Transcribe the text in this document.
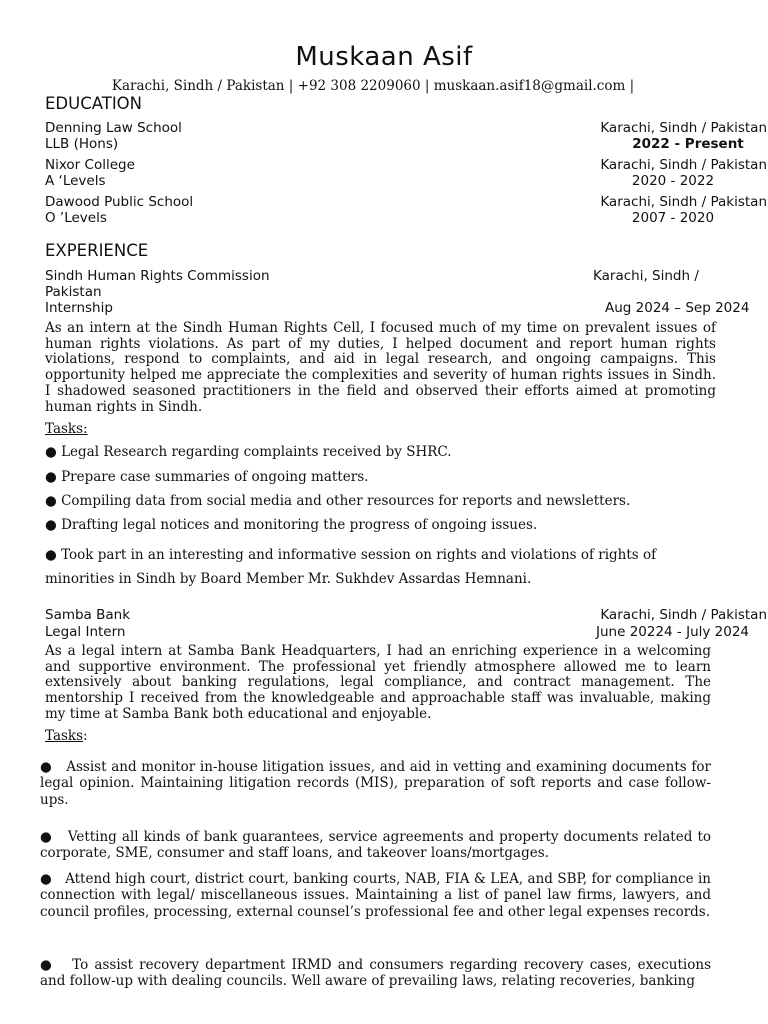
Muskaan Asif
Karachi, Sindh / Pakistan | +92 308 2209060 | muskaan.asif18@gmail.com |
EDUCATION
Denning Law School
LLB (Hons)
Karachi, Sindh / Pakistan
2022 - Present
Nixor College
A ‘Levels
Karachi, Sindh / Pakistan
2020 - 2022
Dawood Public School
O ’Levels
Karachi, Sindh / Pakistan
2007 - 2020
EXPERIENCE
Sindh Human Rights Commission
Pakistan
Internship
Karachi, Sindh /
Aug 2024 – Sep 2024
As an intern at the Sindh Human Rights Cell, I focused much of my time on prevalent issues of human rights violations. As part of my duties, I helped document and report human rights violations, respond to complaints, and aid in legal research, and ongoing campaigns. This opportunity helped me appreciate the complexities and severity of human rights issues in Sindh. I shadowed seasoned practitioners in the field and observed their efforts aimed at promoting human rights in Sindh.
Tasks:
● Legal Research regarding complaints received by SHRC.
● Prepare case summaries of ongoing matters.
● Compiling data from social media and other resources for reports and newsletters.
● Drafting legal notices and monitoring the progress of ongoing issues.
● Took part in an interesting and informative session on rights and violations of rights of minorities in Sindh by Board Member Mr. Sukhdev Assardas Hemnani.
Samba Bank
Legal Intern
Karachi, Sindh / Pakistan
June 20224 - July 2024
As a legal intern at Samba Bank Headquarters, I had an enriching experience in a welcoming and supportive environment. The professional yet friendly atmosphere allowed me to learn extensively about banking regulations, legal compliance, and contract management. The mentorship I received from the knowledgeable and approachable staff was invaluable, making my time at Samba Bank both educational and enjoyable.
Tasks:
●   Assist and monitor in-house litigation issues, and aid in vetting and examining documents for legal opinion. Maintaining litigation records (MIS), preparation of soft reports and case follow-ups.
●   Vetting all kinds of bank guarantees, service agreements and property documents related to corporate, SME, consumer and staff loans, and takeover loans/mortgages.
●   Attend high court, district court, banking courts, NAB, FIA & LEA, and SBP, for compliance in connection with legal/ miscellaneous issues. Maintaining a list of panel law firms, lawyers, and council profiles, processing, external counsel’s professional fee and other legal expenses records.
●   To assist recovery department IRMD and consumers regarding recovery cases, executions and follow-up with dealing councils. Well aware of prevailing laws, relating recoveries, banking
